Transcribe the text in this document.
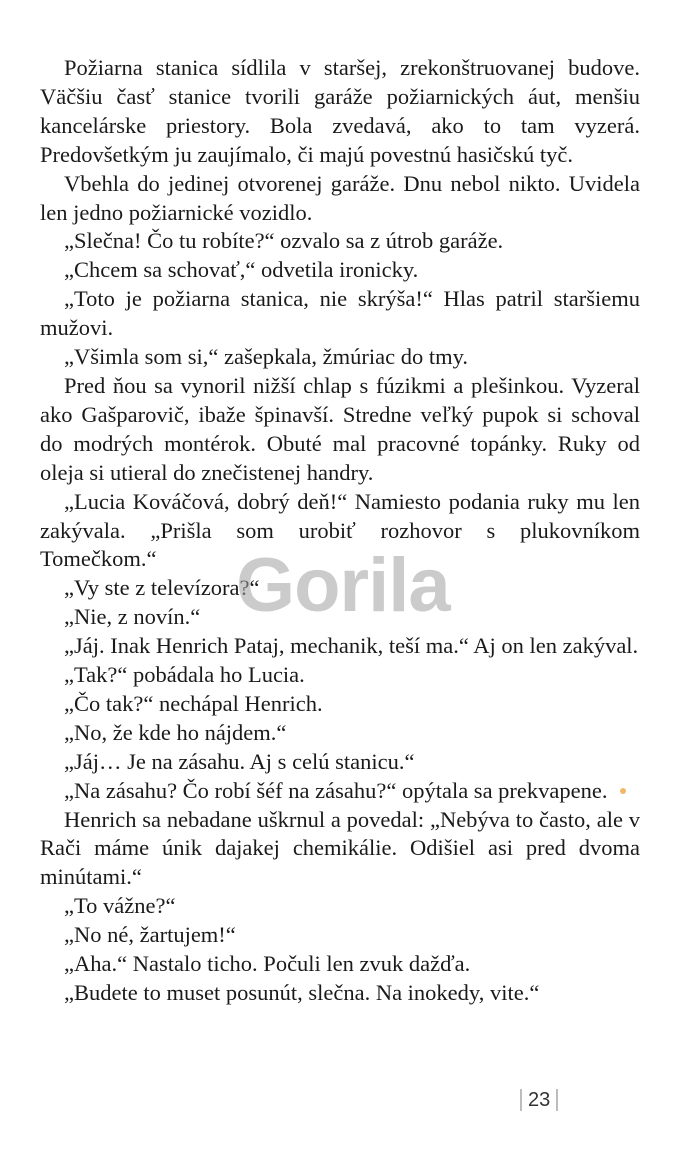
Požiarna stanica sídlila v staršej, zrekonštruovanej budove. Väčšiu časť stanice tvorili garáže požiarnických áut, menšiu kancelárske priestory. Bola zvedavá, ako to tam vyzerá. Predovšetkým ju zaujímalo, či majú povestnú hasičskú tyč.

Vbehla do jedinej otvorenej garáže. Dnu nebol nikto. Uvidela len jedno požiarnické vozidlo.

„Slečna! Čo tu robíte?“ ozvalo sa z útrob garáže.

„Chcem sa schovať,“ odvetila ironicky.

„Toto je požiarna stanica, nie skrýša!“ Hlas patril staršiemu mužovi.

„Všimla som si,“ zašepkala, žmúriac do tmy.

Pred ňou sa vynoril nižší chlap s fúzikmi a plešinkou. Vyzeral ako Gašparovič, ibaže špinavší. Stredne veľký pupok si schoval do modrých montérok. Obuté mal pracovné topánky. Ruky od oleja si utieral do znečistenej handry.

„Lucia Kováčová, dobrý deň!“ Namiesto podania ruky mu len zakývala. „Prišla som urobiť rozhovor s plukovníkom Tomečkom.“

„Vy ste z televízora?“

„Nie, z novín.“

„Jáj. Inak Henrich Pataj, mechanik, teší ma.“ Aj on len zakýval.

„Tak?“ pobádala ho Lucia.

„Čo tak?“ nechápal Henrich.

„No, že kde ho nájdem.“

„Jáj… Je na zásahu. Aj s celú stanicu.“

„Na zásahu? Čo robí šéf na zásahu?“ opýtala sa prekvapene.

Henrich sa nebadane uškrnul a povedal: „Nebýva to často, ale v Rači máme únik dajakej chemikálie. Odišiel asi pred dvoma minútami.“

„To vážne?“

„No né, žartujem!“

„Aha.“ Nastalo ticho. Počuli len zvuk dažďa.

„Budete to muset posunút, slečna. Na inokedy, vite.“

Gorila
23
